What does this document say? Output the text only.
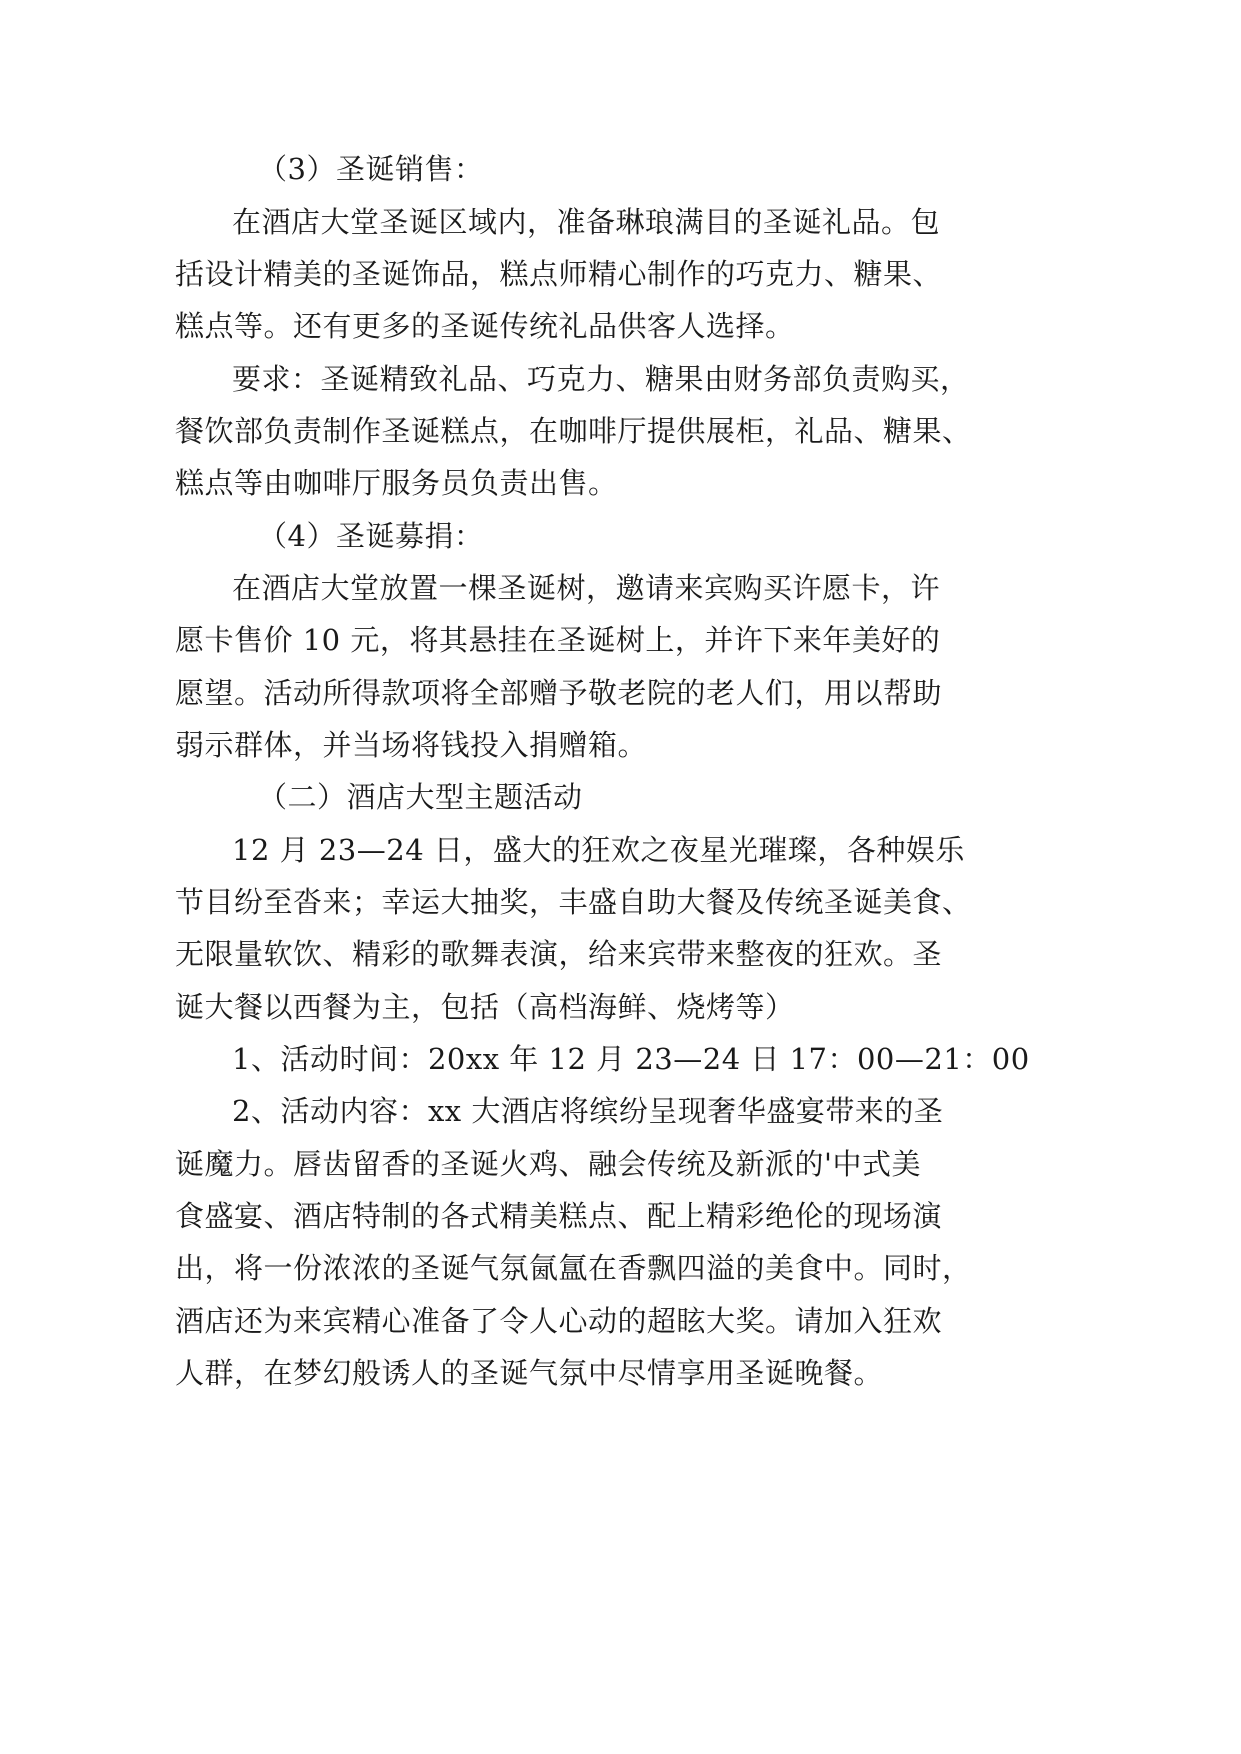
（3）圣诞销售：
在酒店大堂圣诞区域内，准备琳琅满目的圣诞礼品。包
括设计精美的圣诞饰品，糕点师精心制作的巧克力、糖果、
糕点等。还有更多的圣诞传统礼品供客人选择。
要求：圣诞精致礼品、巧克力、糖果由财务部负责购买，
餐饮部负责制作圣诞糕点，在咖啡厅提供展柜，礼品、糖果、
糕点等由咖啡厅服务员负责出售。
（4）圣诞募捐：
在酒店大堂放置一棵圣诞树，邀请来宾购买许愿卡，许
愿卡售价 10 元，将其悬挂在圣诞树上，并许下来年美好的
愿望。活动所得款项将全部赠予敬老院的老人们，用以帮助
弱示群体，并当场将钱投入捐赠箱。
（二）酒店大型主题活动
12 月 23—24 日，盛大的狂欢之夜星光璀璨，各种娱乐
节目纷至沓来；幸运大抽奖，丰盛自助大餐及传统圣诞美食、
无限量软饮、精彩的歌舞表演，给来宾带来整夜的狂欢。圣
诞大餐以西餐为主，包括（高档海鲜、烧烤等）
1、活动时间：20xx 年 12 月 23—24 日 17：00—21：00
2、活动内容：xx 大酒店将缤纷呈现奢华盛宴带来的圣
诞魔力。唇齿留香的圣诞火鸡、融会传统及新派的'中式美
食盛宴、酒店特制的各式精美糕点、配上精彩绝伦的现场演
出，将一份浓浓的圣诞气氛氤氲在香飘四溢的美食中。同时，
酒店还为来宾精心准备了令人心动的超眩大奖。请加入狂欢
人群，在梦幻般诱人的圣诞气氛中尽情享用圣诞晚餐。
